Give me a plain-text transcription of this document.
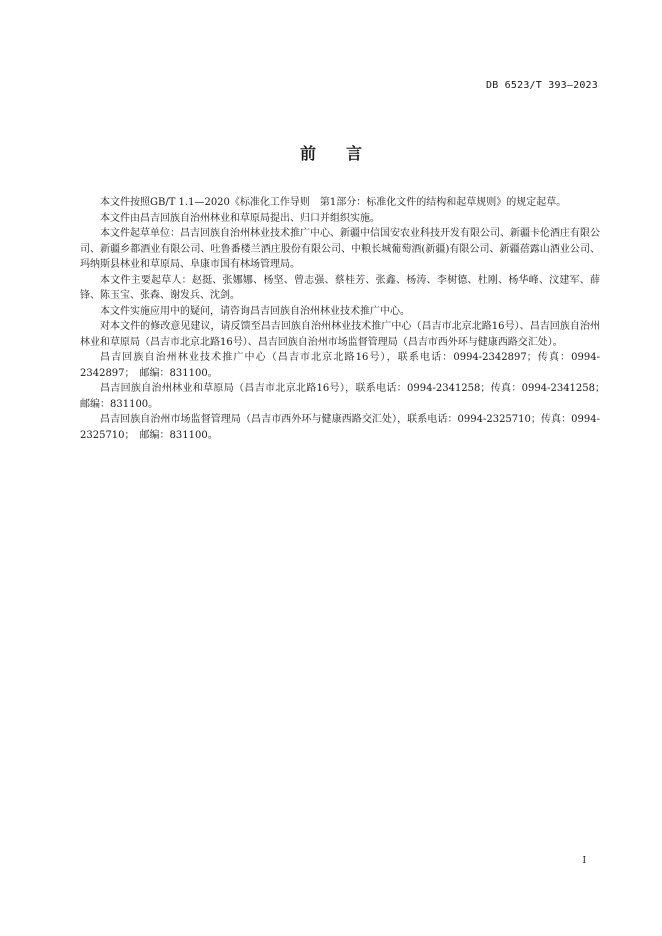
DB 6523/T 393—2023
前言

本文件按照GB/T 1.1—2020《标准化工作导则　第1部分：标准化文件的结构和起草规则》的规定起草。

本文件由昌吉回族自治州林业和草原局提出、归口并组织实施。

本文件起草单位：昌吉回族自治州林业技术推广中心、新疆中信国安农业科技开发有限公司、新疆卡伦酒庄有限公司、新疆乡都酒业有限公司、吐鲁番楼兰酒庄股份有限公司、中粮长城葡萄酒(新疆)有限公司、新疆蓓露山酒业公司、玛纳斯县林业和草原局、阜康市国有林场管理局。

本文件主要起草人：赵挺、张娜娜、杨坚、曾志强、蔡桂芳、张鑫、杨涛、李树德、杜刚、杨华峰、汶建军、薛锋、陈玉宝、张森、谢发兵、沈剑。

本文件实施应用中的疑问，请咨询昌吉回族自治州林业技术推广中心。

对本文件的修改意见建议，请反馈至昌吉回族自治州林业技术推广中心（昌吉市北京北路16号）、昌吉回族自治州林业和草原局（昌吉市北京北路16号）、昌吉回族自治州市场监督管理局（昌吉市西外环与健康西路交汇处）。

昌吉回族自治州林业技术推广中心（昌吉市北京北路16号），联系电话：0994-2342897；传真：0994-2342897；　邮编：831100。

昌吉回族自治州林业和草原局（昌吉市北京北路16号），联系电话：0994-2341258；传真：0994-2341258；　邮编：831100。

昌吉回族自治州市场监督管理局（昌吉市西外环与健康西路交汇处），联系电话：0994-2325710；传真：0994-2325710；　邮编：831100。

I
